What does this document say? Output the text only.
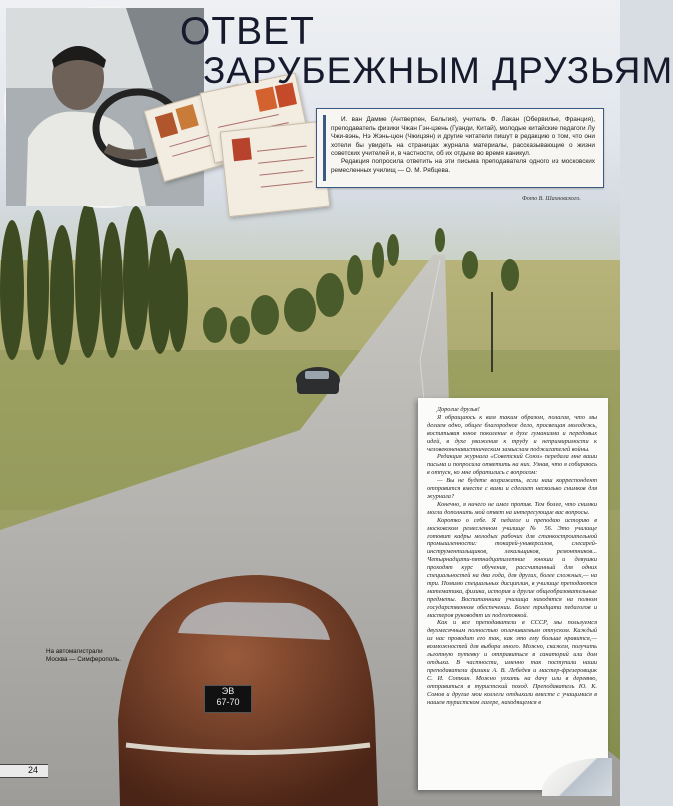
ОТВЕТ
ЗАРУБЕЖНЫМ ДРУЗЬЯМ

И. ван Дамме (Антверпен, Бельгия), учитель Ф. Лакан (Обервилье, Франция), преподаватель физики Чжан Гэн-цзень (Гуанди, Китай), молодые китайские педагоги Лу Чжи-вэнь, Нэ Жэнь-цюн (Чжицзян) и другие читатели пишут в редакцию о том, что они хотели бы увидеть на страницах журнала материалы, рассказывающие о жизни советских учителей и, в частности, об их отдыхе во время каникул.

Редакция попросила ответить на эти письма преподавателя одного из московских ремесленных училищ — О. М. Рябцева.

Фото В. Шахновского.
ЭВ
67-70

Дорогие друзья!

Я обращаюсь к вам таким образом, полагая, что мы делаем одно, общее благородное дело, просвещая молодежь, воспитывая юное поколение в духе гуманизма и передовых идей, в духе уважения к труду и непримиримости к человеконенавистническим замыслам поджигателей войны.

Редакция журнала «Советский Союз» передала мне ваши письма и попросила ответить на них. Узнав, что я собираюсь в отпуск, ко мне обратились с вопросом:

— Вы не будете возражать, если наш корреспондент отправится вместе с вами и сделает несколько снимков для журнала?

Конечно, я ничего не имел против. Тем более, что снимки могли дополнить мой ответ на интересующие вас вопросы.

Коротко о себе. Я педагог и преподаю историю в московском ремесленном училище № 56. Это училище готовит кадры молодых рабочих для станкостроительной промышленности: токарей-универсалов, слесарей-инструментальщиков, лекальщиков, ремонтников... Четырнадцати-пятнадцатилетние юноши и девушки проходят курс обучения, рассчитанный для одних специальностей на два года, для других, более сложных,— на три. Помимо специальных дисциплин, в училище преподаются математика, физика, история и другие общеобразовательные предметы. Воспитанники училища находятся на полном государственном обеспечении. Более тридцати педагогов и мастеров руководят их подготовкой.

Как и все преподаватели в СССР, мы пользуемся двухмесячным полностью оплачиваемым отпуском. Каждый из нас проводит его так, как это ему больше нравится,— возможностей для выбора много. Можно, скажем, получить льготную путевку и отправиться в санаторий или дом отдыха. В частности, именно так поступили наши преподаватели физики А. В. Лебедев и мастер-фрезеровщик С. И. Соткин. Можно уехать на дачу или в деревню, отправиться в туристский поход. Преподаватель Ю. К. Сомов и другие мои коллеги отдыхали вместе с учащимися в нашем туристском лагере, находящемся в

На автомагистрали
Москва — Симферополь.
24
